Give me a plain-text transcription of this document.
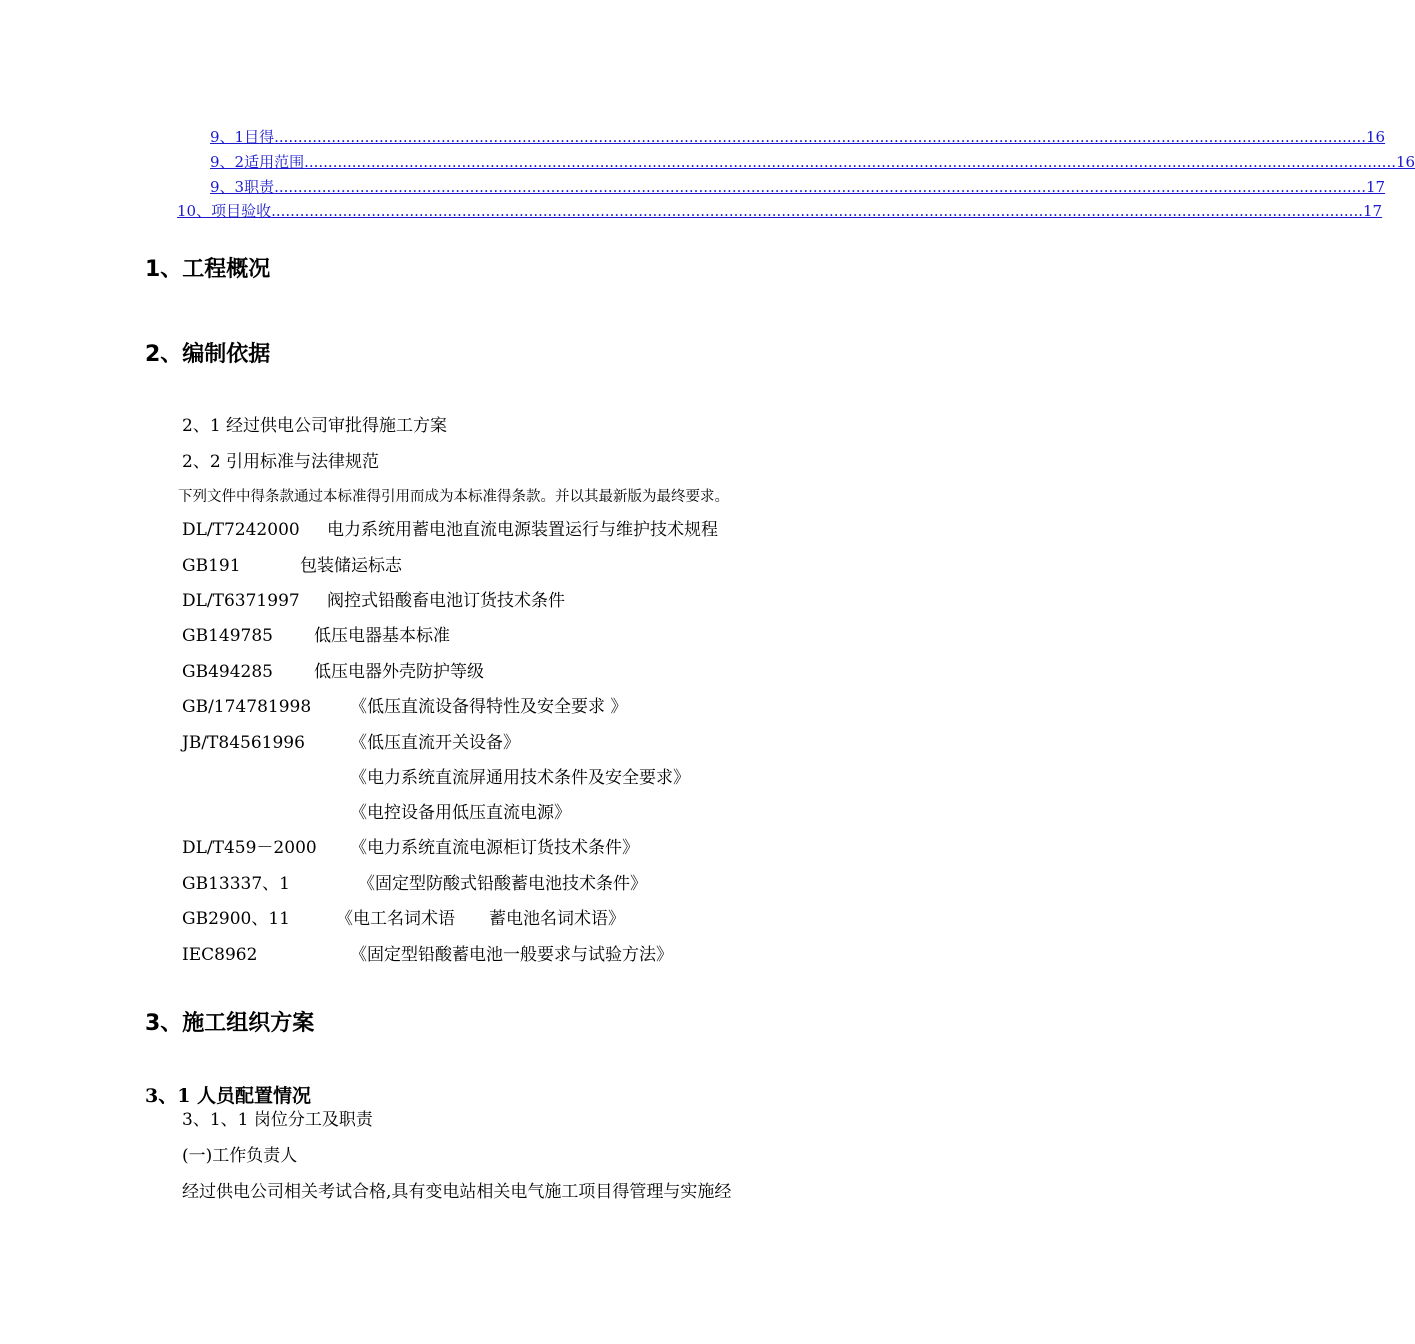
9、1目得 ..................................................................................................................................................................................................................................... 16
9、2适用范围 ..................................................................................................................................................................................................................................... 16
9、3职责 ..................................................................................................................................................................................................................................... 17
10、项目验收 ..................................................................................................................................................................................................................................... 17
1、工程概况
2、编制依据
2、1 经过供电公司审批得施工方案
2、2 引用标准与法律规范
下列文件中得条款通过本标准得引用而成为本标准得条款。并以其最新版为最终要求。
DL/T7242000 电力系统用蓄电池直流电源装置运行与维护技术规程
GB191	包装储运标志
DL/T6371997 阀控式铅酸畜电池订货技术条件
GB149785 低压电器基本标准
GB494285 低压电器外壳防护等级
GB/174781998 《低压直流设备得特性及安全要求 》
JB/T84561996	《低压直流开关设备》
《电力系统直流屏通用技术条件及安全要求》
《电控设备用低压直流电源》
DL/T459－2000 《电力系统直流电源柜订货技术条件》
GB13337、1	《固定型防酸式铅酸蓄电池技术条件》
GB2900、11	《电工名词术语　　蓄电池名词术语》
IEC8962	《固定型铅酸蓄电池一般要求与试验方法》
3、施工组织方案
3、1 人员配置情况
3、1、1 岗位分工及职责
(一)工作负责人
经过供电公司相关考试合格,具有变电站相关电气施工项目得管理与实施经
